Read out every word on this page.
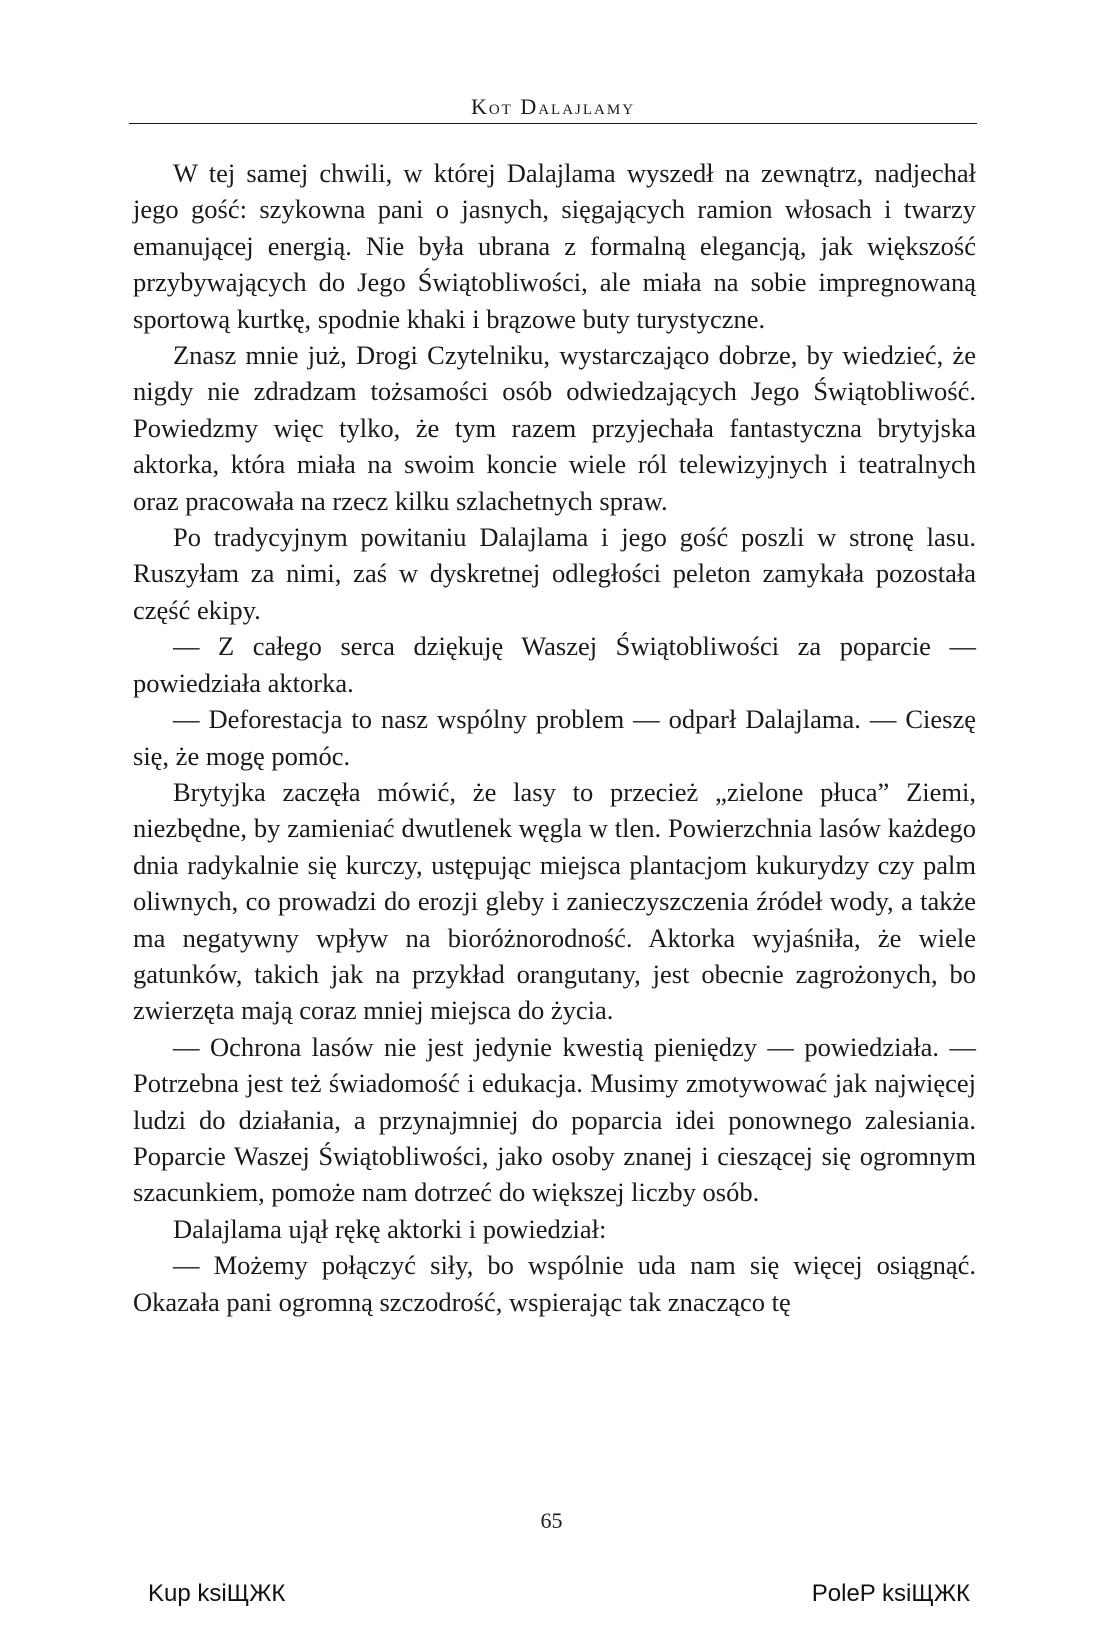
Kot Dalajlamy

W tej samej chwili, w której Dalajlama wyszedł na zewnątrz, nadjechał jego gość: szykowna pani o jasnych, sięgających ramion włosach i twarzy emanującej energią. Nie była ubrana z formalną elegancją, jak większość przybywających do Jego Świątobliwości, ale miała na sobie impregnowaną sportową kurtkę, spodnie khaki i brązowe buty turystyczne.

Znasz mnie już, Drogi Czytelniku, wystarczająco dobrze, by wiedzieć, że nigdy nie zdradzam tożsamości osób odwiedzających Jego Świątobliwość. Powiedzmy więc tylko, że tym razem przyjechała fantastyczna brytyjska aktorka, która miała na swoim koncie wiele ról telewizyjnych i teatralnych oraz pracowała na rzecz kilku szlachetnych spraw.

Po tradycyjnym powitaniu Dalajlama i jego gość poszli w stronę lasu. Ruszyłam za nimi, zaś w dyskretnej odległości peleton zamykała pozostała część ekipy.

— Z całego serca dziękuję Waszej Świątobliwości za poparcie — powiedziała aktorka.

— Deforestacja to nasz wspólny problem — odparł Dalajlama. — Cieszę się, że mogę pomóc.

Brytyjka zaczęła mówić, że lasy to przecież „zielone płuca” Ziemi, niezbędne, by zamieniać dwutlenek węgla w tlen. Powierzchnia lasów każdego dnia radykalnie się kurczy, ustępując miejsca plantacjom kukurydzy czy palm oliwnych, co prowadzi do erozji gleby i zanieczyszczenia źródeł wody, a także ma negatywny wpływ na bioróżnorodność. Aktorka wyjaśniła, że wiele gatunków, takich jak na przykład orangutany, jest obecnie zagrożonych, bo zwierzęta mają coraz mniej miejsca do życia.

— Ochrona lasów nie jest jedynie kwestią pieniędzy — powiedziała. — Potrzebna jest też świadomość i edukacja. Musimy zmotywować jak najwięcej ludzi do działania, a przynajmniej do poparcia idei ponownego zalesiania. Poparcie Waszej Świątobliwości, jako osoby znanej i cieszącej się ogromnym szacunkiem, pomoże nam dotrzeć do większej liczby osób.

Dalajlama ujął rękę aktorki i powiedział:

— Możemy połączyć siły, bo wspólnie uda nam się więcej osiągnąć. Okazała pani ogromną szczodrość, wspierając tak znacząco tę

65
Kup ksiЩЖК	PoleP ksiЩЖК
